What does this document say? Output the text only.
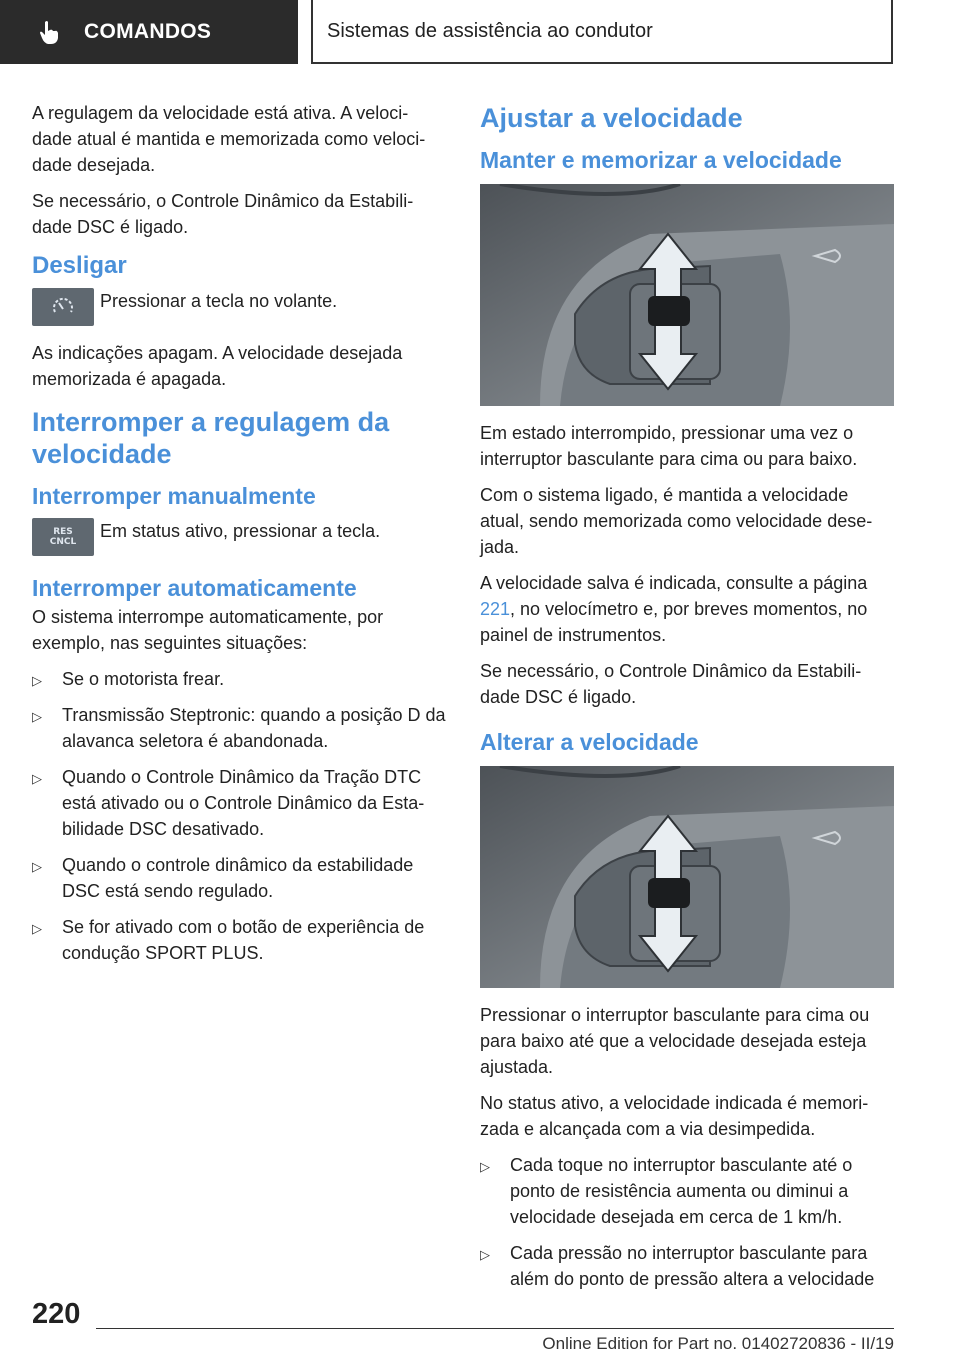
COMANDOS	Sistemas de assistência ao condutor

A regulagem da velocidade está ativa. A veloci-dade atual é mantida e memorizada como veloci-dade desejada.

Se necessário, o Controle Dinâmico da Estabili-dade DSC é ligado.

Desligar

Pressionar a tecla no volante.

As indicações apagam. A velocidade desejada memorizada é apagada.

Interromper a regulagem da velocidade
Interromper manualmente
RES
CNCL

Em status ativo, pressionar a tecla.

Interromper automaticamente

O sistema interrompe automaticamente, por exemplo, nas seguintes situações:

▷ Se o motorista frear.
▷ Transmissão Steptronic: quando a posição D da alavanca seletora é abandonada.
▷ Quando o Controle Dinâmico da Tração DTC está ativado ou o Controle Dinâmico da Esta-bilidade DSC desativado.
▷ Quando o controle dinâmico da estabilidade DSC está sendo regulado.
▷ Se for ativado com o botão de experiência de condução SPORT PLUS.
Ajustar a velocidade
Manter e memorizar a velocidade

Em estado interrompido, pressionar uma vez o interruptor basculante para cima ou para baixo.

Com o sistema ligado, é mantida a velocidade atual, sendo memorizada como velocidade dese-jada.

A velocidade salva é indicada, consulte a página 221, no velocímetro e, por breves momentos, no painel de instrumentos.

Se necessário, o Controle Dinâmico da Estabili-dade DSC é ligado.

Alterar a velocidade

Pressionar o interruptor basculante para cima ou para baixo até que a velocidade desejada esteja ajustada.

No status ativo, a velocidade indicada é memori-zada e alcançada com a via desimpedida.

▷ Cada toque no interruptor basculante até o ponto de resistência aumenta ou diminui a velocidade desejada em cerca de 1 km/h.
▷ Cada pressão no interruptor basculante para além do ponto de pressão altera a velocidade
220
Online Edition for Part no. 01402720836 - II/19
